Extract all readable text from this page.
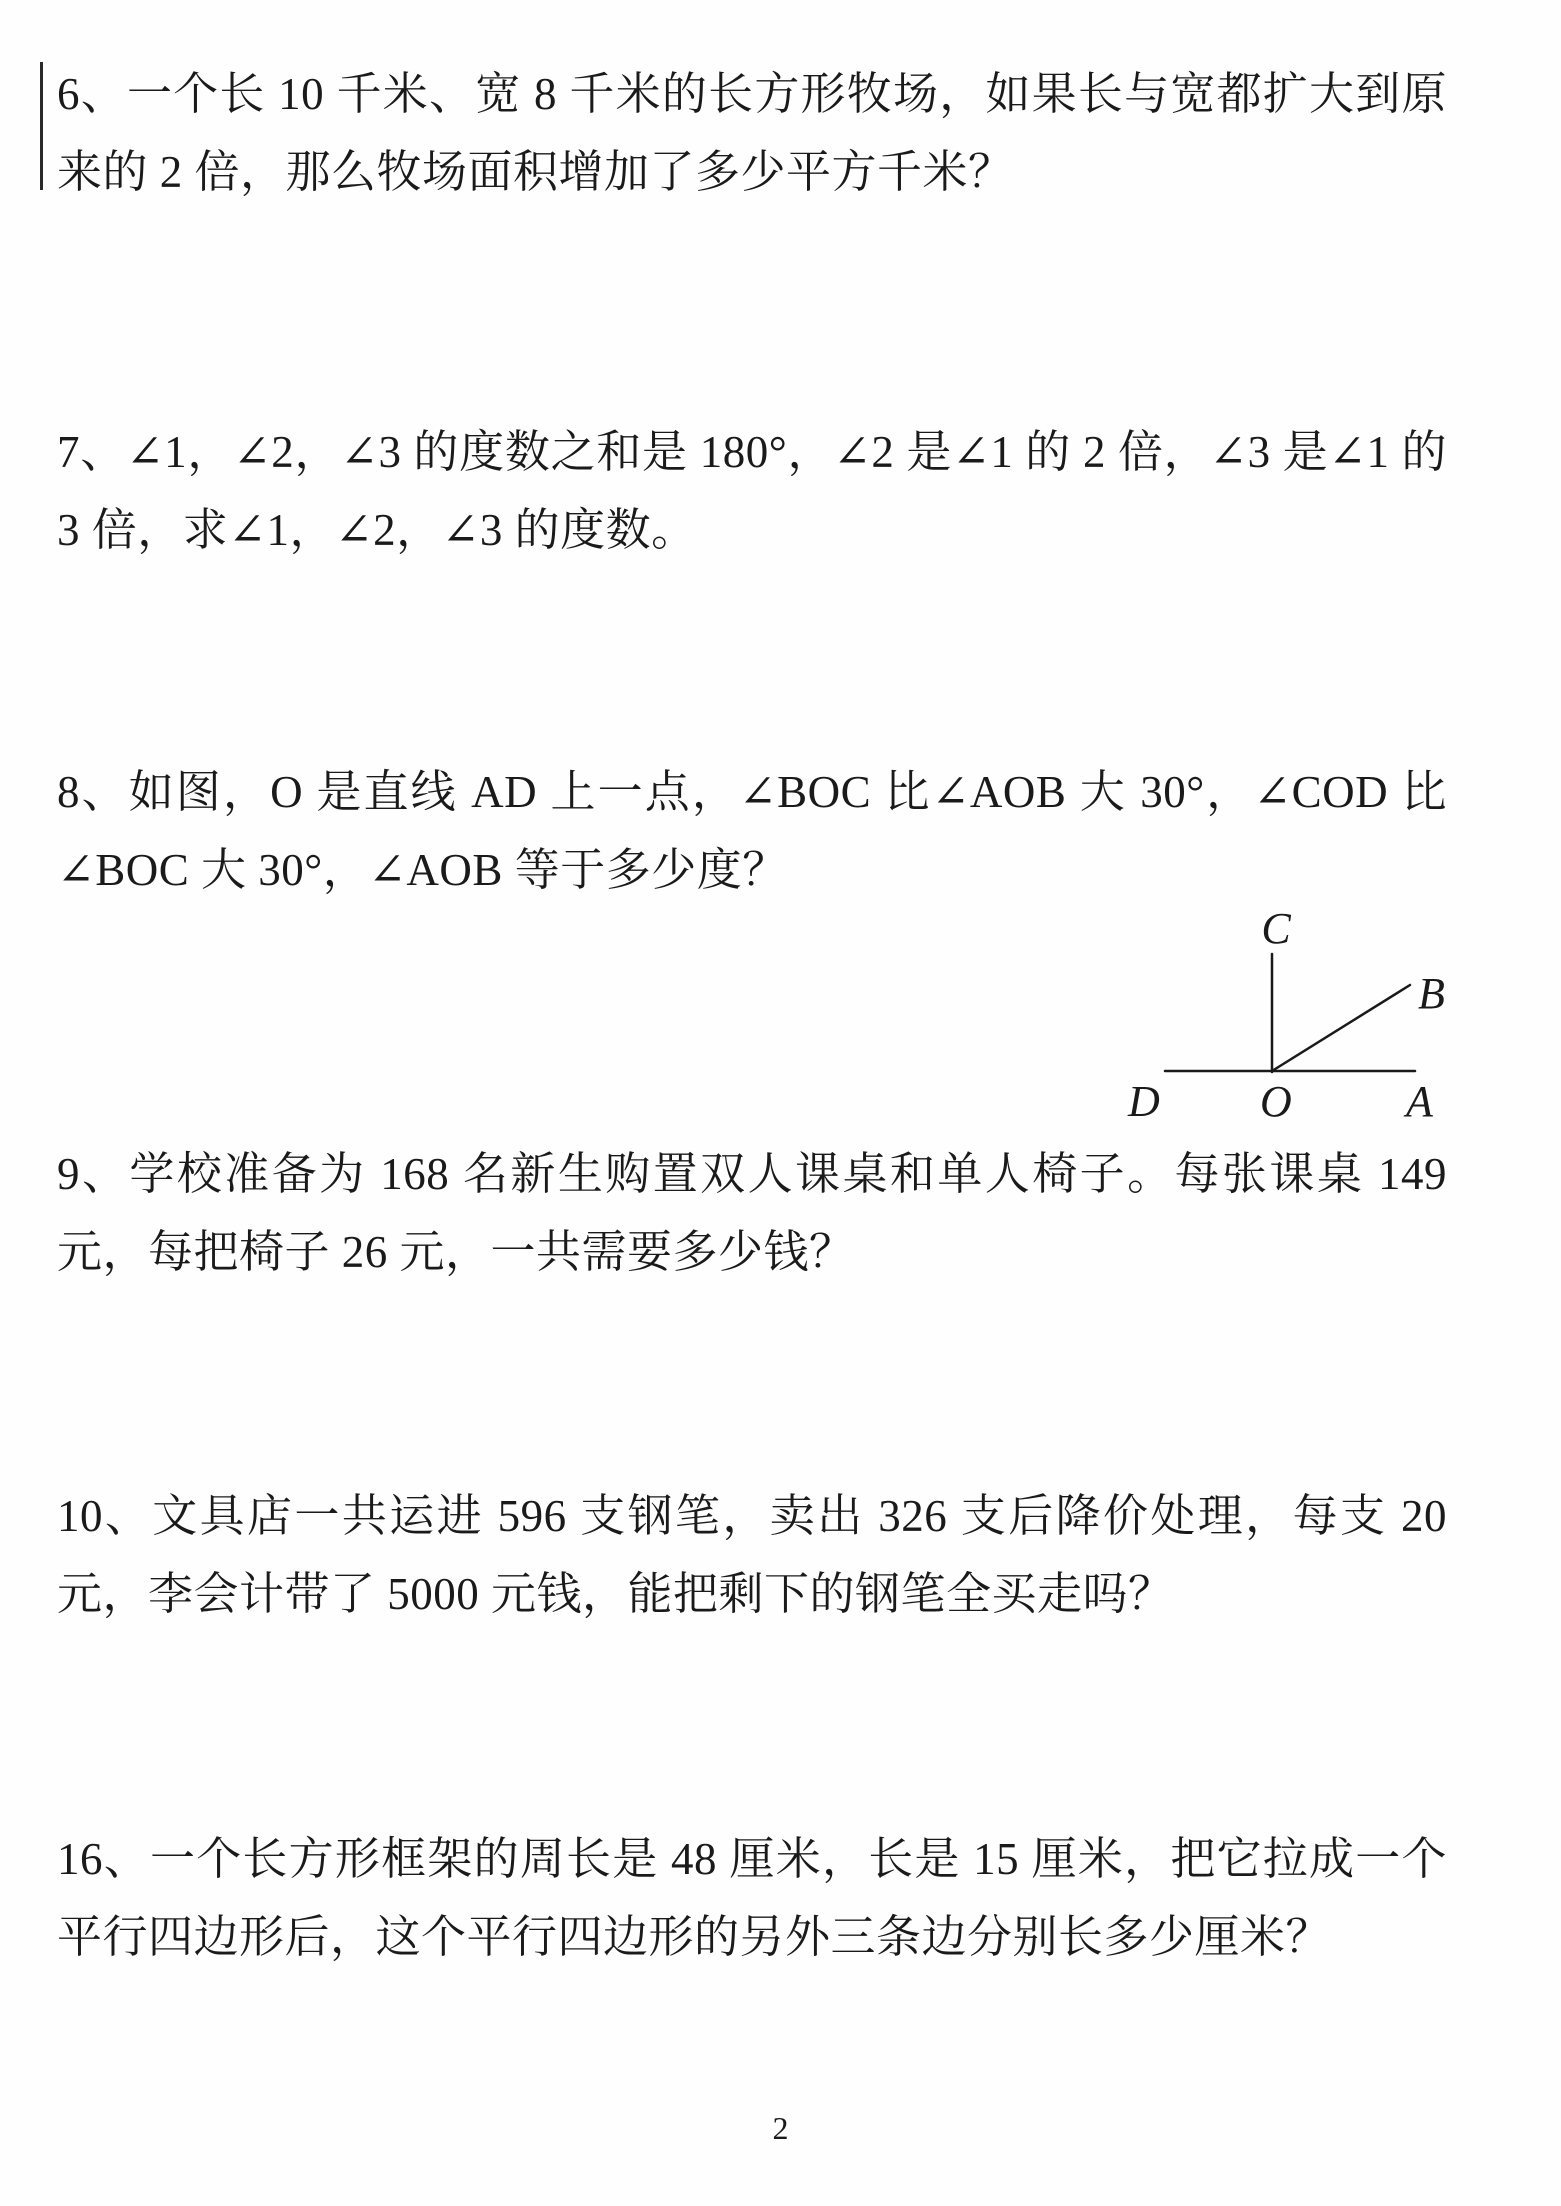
6、一个长 10 千米、宽 8 千米的长方形牧场，如果长与宽都扩大到原来的 2 倍，那么牧场面积增加了多少平方千米？

7、∠1，∠2，∠3 的度数之和是 180°，∠2 是∠1 的 2 倍，∠3 是∠1 的 3 倍，求∠1，∠2，∠3 的度数。

8、如图，O 是直线 AD 上一点，∠BOC 比∠AOB 大 30°，∠COD 比∠BOC 大 30°，∠AOB 等于多少度？

C
B
D O	A

9、学校准备为 168 名新生购置双人课桌和单人椅子。每张课桌 149 元，每把椅子 26 元，一共需要多少钱？

10、文具店一共运进 596 支钢笔，卖出 326 支后降价处理，每支 20 元，李会计带了 5000 元钱，能把剩下的钢笔全买走吗？

16、一个长方形框架的周长是 48 厘米，长是 15 厘米，把它拉成一个平行四边形后，这个平行四边形的另外三条边分别长多少厘米？

2
